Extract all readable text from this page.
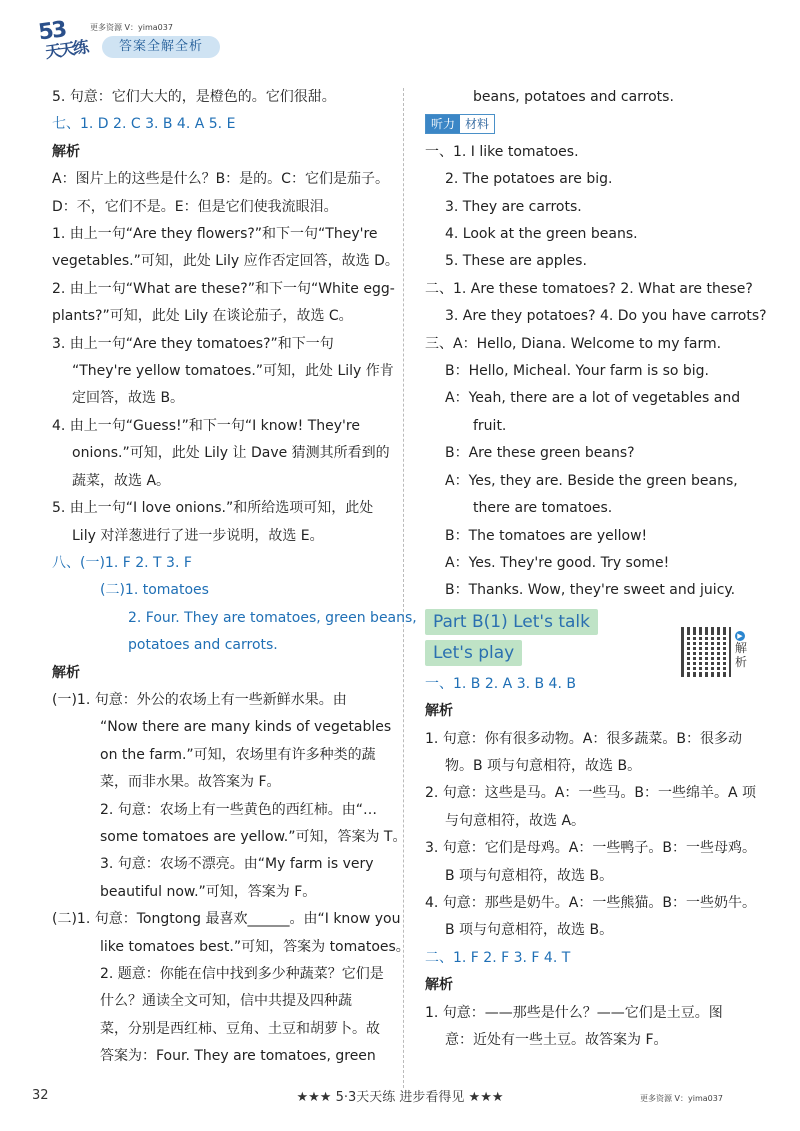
53
天天练
更多资源 V：yima037
答案全解全析
5. 句意：它们大大的，是橙色的。它们很甜。
七、1. D 2. C 3. B 4. A 5. E
解析
A：图片上的这些是什么？B：是的。C：它们是茄子。
D：不，它们不是。E：但是它们使我流眼泪。
1. 由上一句“Are they flowers?”和下一句“They're
vegetables.”可知，此处 Lily 应作否定回答，故选 D。
2. 由上一句“What are these?”和下一句“White egg-
plants?”可知，此处 Lily 在谈论茄子，故选 C。
3. 由上一句“Are they tomatoes?”和下一句
“They're yellow tomatoes.”可知，此处 Lily 作肯
定回答，故选 B。
4. 由上一句“Guess!”和下一句“I know! They're
onions.”可知，此处 Lily 让 Dave 猜测其所看到的
蔬菜，故选 A。
5. 由上一句“I love onions.”和所给选项可知，此处
Lily 对洋葱进行了进一步说明，故选 E。
八、(一)1. F 2. T 3. F
(二)1. tomatoes
2. Four. They are tomatoes, green beans,
potatoes and carrots.
解析
(一)1. 句意：外公的农场上有一些新鲜水果。由
“Now there are many kinds of vegetables
on the farm.”可知，农场里有许多种类的蔬
菜，而非水果。故答案为 F。
2. 句意：农场上有一些黄色的西红柿。由“…
some tomatoes are yellow.”可知，答案为 T。
3. 句意：农场不漂亮。由“My farm is very
beautiful now.”可知，答案为 F。
(二)1. 句意：Tongtong 最喜欢______。由“I know you
like tomatoes best.”可知，答案为 tomatoes。
2. 题意：你能在信中找到多少种蔬菜？它们是
什么？通读全文可知，信中共提及四种蔬
菜，分别是西红柿、豆角、土豆和胡萝卜。故
答案为：Four. They are tomatoes, green
beans, potatoes and carrots.
听力 材料
一、1. I like tomatoes.
2. The potatoes are big.
3. They are carrots.
4. Look at the green beans.
5. These are apples.
二、1. Are these tomatoes? 2. What are these?
3. Are they potatoes? 4. Do you have carrots?
三、A：Hello, Diana. Welcome to my farm.
B：Hello, Micheal. Your farm is so big.
A：Yeah, there are a lot of vegetables and
fruit.
B：Are these green beans?
A：Yes, they are. Beside the green beans,
there are tomatoes.
B：The tomatoes are yellow!
A：Yes. They're good. Try some!
B：Thanks. Wow, they're sweet and juicy.
Part B(1) Let's talk
Let's play
一、1. B 2. A 3. B 4. B
解析
1. 句意：你有很多动物。A：很多蔬菜。B：很多动
物。B 项与句意相符，故选 B。
2. 句意：这些是马。A：一些马。B：一些绵羊。A 项
与句意相符，故选 A。
3. 句意：它们是母鸡。A：一些鸭子。B：一些母鸡。
B 项与句意相符，故选 B。
4. 句意：那些是奶牛。A：一些熊猫。B：一些奶牛。
B 项与句意相符，故选 B。
二、1. F 2. F 3. F 4. T
解析
1. 句意：——那些是什么？——它们是土豆。图
意：近处有一些土豆。故答案为 F。
▶ 解析
32	★★★ 5·3天天练 进步看得见 ★★★	更多资源 V：yima037
